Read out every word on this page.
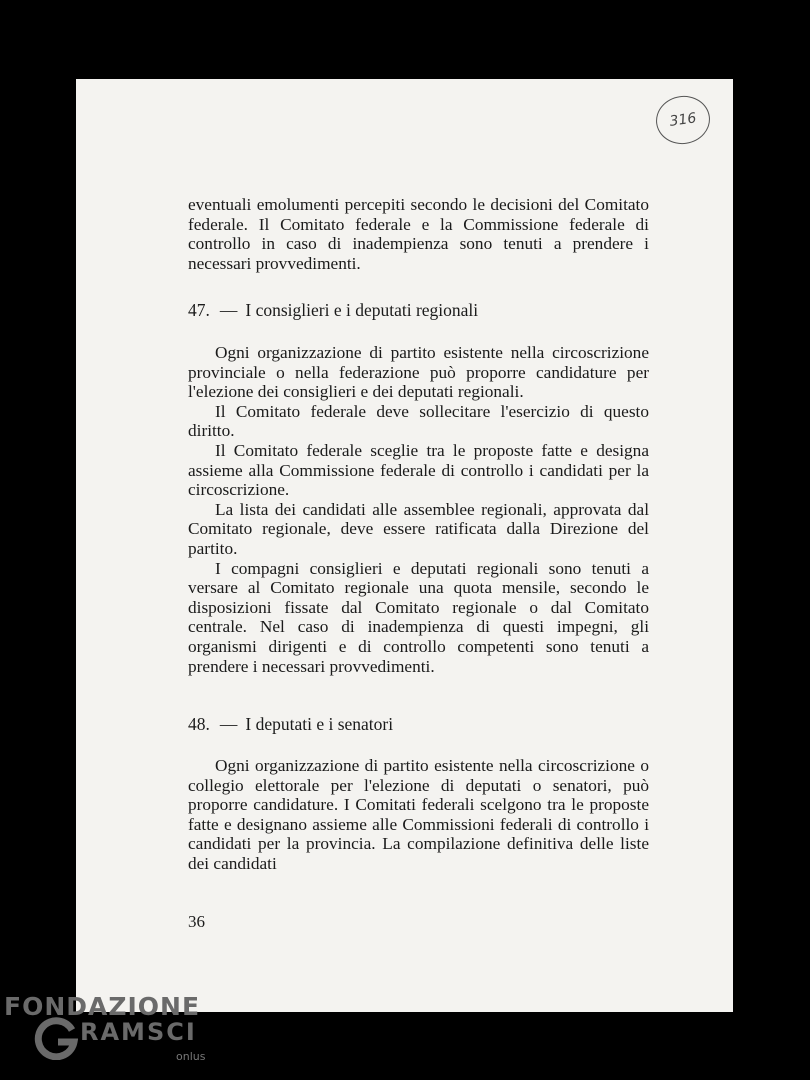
316

eventuali emolumenti percepiti secondo le decisioni del Comitato federale. Il Comitato federale e la Commissione federale di controllo in caso di inadempienza sono tenuti a prendere i necessari provvedimenti.

47. — I consiglieri e i deputati regionali

Ogni organizzazione di partito esistente nella circoscrizione provinciale o nella federazione può proporre candidature per l'elezione dei consiglieri e dei deputati regionali.

Il Comitato federale deve sollecitare l'esercizio di questo diritto.

Il Comitato federale sceglie tra le proposte fatte e designa assieme alla Commissione federale di controllo i candidati per la circoscrizione.

La lista dei candidati alle assemblee regionali, approvata dal Comitato regionale, deve essere ratificata dalla Direzione del partito.

I compagni consiglieri e deputati regionali sono tenuti a versare al Comitato regionale una quota mensile, secondo le disposizioni fissate dal Comitato regionale o dal Comitato centrale. Nel caso di inadempienza di questi impegni, gli organismi dirigenti e di controllo competenti sono tenuti a prendere i necessari provvedimenti.

48. — I deputati e i senatori

Ogni organizzazione di partito esistente nella circoscrizione o collegio elettorale per l'elezione di deputati o senatori, può proporre candidature. I Comitati federali scelgono tra le proposte fatte e designano assieme alle Commissioni federali di controllo i candidati per la provincia. La compilazione definitiva delle liste dei candidati

36
FONDAZIONE
RAMSCI
onlus
